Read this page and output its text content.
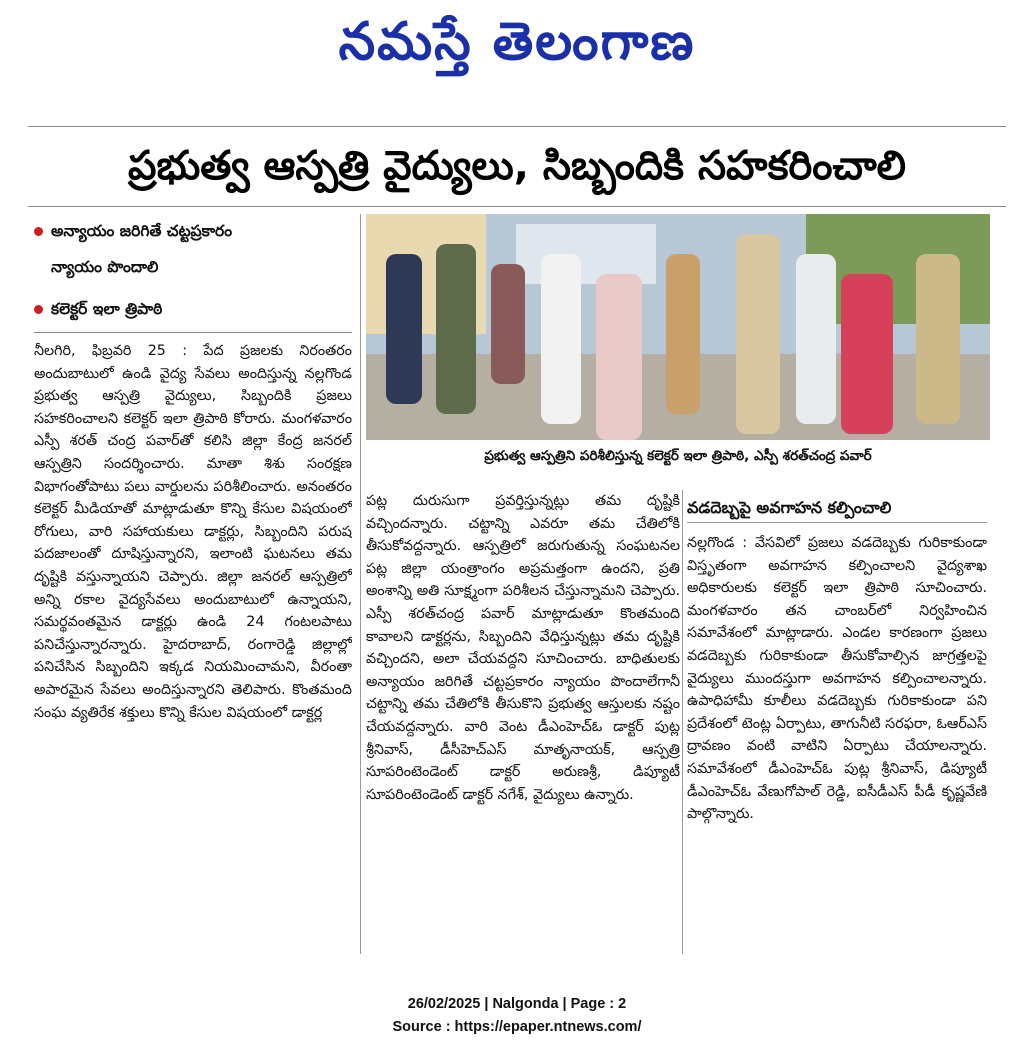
నమస్తే తెలంగాణ
ప్రభుత్వ ఆస్పత్రి వైద్యులు, సిబ్బందికి సహకరించాలి
అన్యాయం జరిగితే చట్టప్రకారం
న్యాయం పొందాలి
కలెక్టర్ ఇలా త్రిపాఠి
నీలగిరి, ఫిబ్రవరి 25 : పేద ప్రజలకు నిరంతరం అందుబాటులో ఉండి వైద్య సేవలు అందిస్తున్న నల్లగొండ ప్రభుత్వ ఆస్పత్రి వైద్యులు, సిబ్బందికి ప్రజలు సహకరించాలని కలెక్టర్ ఇలా త్రిపాఠి కోరారు. మంగళవారం ఎస్పీ శరత్ చంద్ర పవార్‌తో కలిసి జిల్లా కేంద్ర జనరల్ ఆస్పత్రిని సందర్శించారు. మాతా శిశు సంరక్షణ విభాగంతోపాటు పలు వార్డులను పరిశీలించారు. అనంతరం కలెక్టర్ మీడియాతో మాట్లాడుతూ కొన్ని కేసుల విషయంలో రోగులు, వారి సహాయకులు డాక్టర్లు, సిబ్బందిని పరుష పదజాలంతో దూషిస్తున్నారని, ఇలాంటి ఘటనలు తమ దృష్టికి వస్తున్నాయని చెప్పారు. జిల్లా జనరల్ ఆస్పత్రిలో అన్ని రకాల వైద్యసేవలు అందుబాటులో ఉన్నాయని, సమర్థవంతమైన డాక్టర్లు ఉండి 24 గంటలపాటు పనిచేస్తున్నారన్నారు. హైదరాబాద్, రంగారెడ్డి జిల్లాల్లో పనిచేసిన సిబ్బందిని ఇక్కడ నియమించామని, వీరంతా అపారమైన సేవలు అందిస్తున్నారని తెలిపారు. కొంతమంది సంఘ వ్యతిరేక శక్తులు కొన్ని కేసుల విషయంలో డాక్టర్ల
ప్రభుత్వ ఆస్పత్రిని పరిశీలిస్తున్న కలెక్టర్ ఇలా త్రిపాఠి, ఎస్పీ శరత్‌చంద్ర పవార్
పట్ల దురుసుగా ప్రవర్తిస్తున్నట్లు తమ దృష్టికి వచ్చిందన్నారు. చట్టాన్ని ఎవరూ తమ చేతిలోకి తీసుకోవద్దన్నారు. ఆస్పత్రిలో జరుగుతున్న సంఘటనల పట్ల జిల్లా యంత్రాంగం అప్రమత్తంగా ఉందని, ప్రతి అంశాన్ని అతి సూక్ష్మంగా పరిశీలన చేస్తున్నామని చెప్పారు. ఎస్పీ శరత్‌చంద్ర పవార్ మాట్లాడుతూ కొంతమంది కావాలని డాక్టర్లను, సిబ్బందిని వేధిస్తున్నట్లు తమ దృష్టికి వచ్చిందని, అలా చేయవద్దని సూచించారు. బాధితులకు అన్యాయం జరిగితే చట్టప్రకారం న్యాయం పొందాలేగానీ చట్టాన్ని తమ చేతిలోకి తీసుకొని ప్రభుత్వ ఆస్తులకు నష్టం చేయవద్దన్నారు. వారి వెంట డీఎంహెచ్‌ఓ డాక్టర్ పుట్ల శ్రీనివాస్, డీసీహెచ్‌ఎస్ మాతృనాయక్, ఆస్పత్రి సూపరింటెండెంట్ డాక్టర్ అరుణశ్రీ, డిప్యూటీ సూపరింటెండెంట్ డాక్టర్ నగేశ్, వైద్యులు ఉన్నారు.
వడదెబ్బపై అవగాహన కల్పించాలి
నల్లగొండ : వేసవిలో ప్రజలు వడదెబ్బకు గురికాకుండా విస్తృతంగా అవగాహన కల్పించాలని వైద్యశాఖ అధికారులకు కలెక్టర్ ఇలా త్రిపాఠి సూచించారు. మంగళవారం తన చాంబర్‌లో నిర్వహించిన సమావేశంలో మాట్లాడారు. ఎండల కారణంగా ప్రజలు వడదెబ్బకు గురికాకుండా తీసుకోవాల్సిన జాగ్రత్తలపై వైద్యులు ముందస్తుగా అవగాహన కల్పించాలన్నారు. ఉపాధిహామీ కూలీలు వడదెబ్బకు గురికాకుండా పని ప్రదేశంలో టెంట్ల ఏర్పాటు, తాగునీటి సరఫరా, ఓఆర్‌ఎస్ ద్రావణం వంటి వాటిని ఏర్పాటు చేయాలన్నారు. సమావేశంలో డీఎంహెచ్‌ఓ పుట్ల శ్రీనివాస్, డిప్యూటీ డీఎంహెచ్‌ఓ వేణుగోపాల్ రెడ్డి, ఐసీడీఎస్ పీడీ కృష్ణవేణి పాల్గొన్నారు.
26/02/2025 | Nalgonda | Page : 2
Source : https://epaper.ntnews.com/
